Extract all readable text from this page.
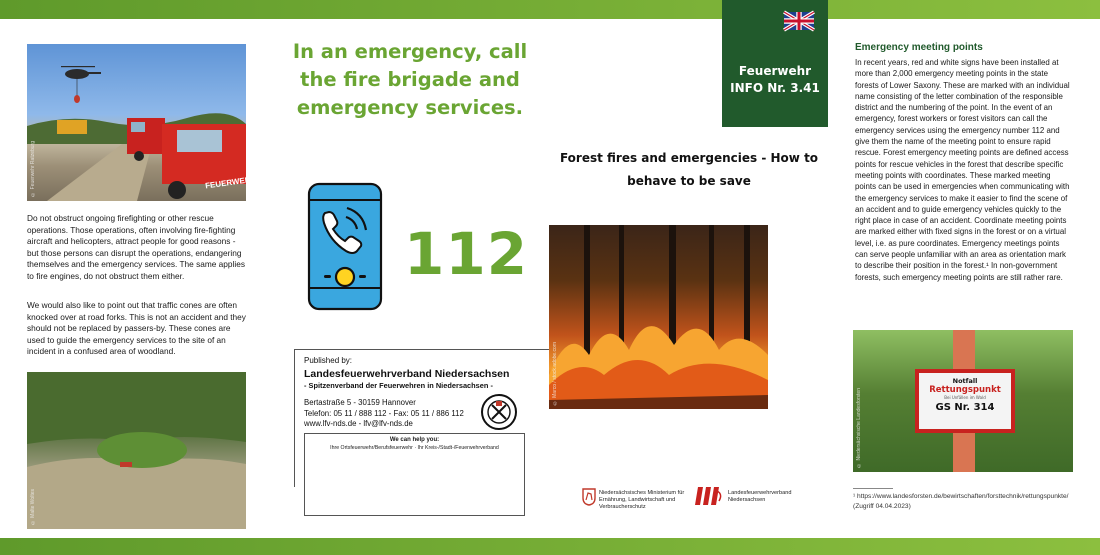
FEUERWEHR
© Feuerwehr Ratzeburg
Do not obstruct ongoing firefighting or other rescue operations. Those operations, often involving fire-fighting aircraft and helicopters, attract people for good reasons - but those persons can disrupt the operations, endangering themselves and the emergency services. The same applies to fire engines, do not obstruct them either.
We would also like to point out that traffic cones are often knocked over at road forks. This is not an accident and they should not be replaced by passers-by. These cones are used to guide the emergency services to the site of an incident in a confused area of woodland.
© Malte Woltes
In an emergency, call the fire brigade and emergency services.
112
Published by:
Landesfeuerwehrverband Niedersachsen
- Spitzenverband der Feuerwehren in Niedersachsen -
Bertastraße 5 - 30159 Hannover
Telefon: 05 11 / 888 112 - Fax: 05 11 / 886 112
www.lfv-nds.de - lfv@lfv-nds.de
We can help you:
Ihre Ortsfeuerwehr/Berufsfeuerwehr · Ihr Kreis-/Stadt-/Feuerwehrverband
Feuerwehr
INFO Nr. 3.41
Forest fires and emergencies - How to behave to be save
© Marco / stock.adobe.com
Niedersächsisches Ministerium für Ernährung, Landwirtschaft und Verbraucherschutz
Landesfeuerwehrverband Niedersachsen
Emergency meeting points
In recent years, red and white signs have been installed at more than 2,000 emergency meeting points in the state forests of Lower Saxony. These are marked with an individual name consisting of the letter combination of the responsible district and the numbering of the point. In the event of an emergency, forest workers or forest visitors can call the emergency services using the emergency number 112 and give them the name of the meeting point to ensure rapid rescue. Forest emergency meeting points are defined access points for rescue vehicles in the forest that describe specific meeting points with coordinates. These marked meeting points can be used in emergencies when communicating with the emergency services to make it easier to find the scene of an accident and to guide emergency vehicles quickly to the right place in case of an accident. Coordinate meeting points are marked either with fixed signs in the forest or on a virtual level, i.e. as pure coordinates. Emergency meetings points can serve people unfamiliar with an area as orientation mark to describe their position in the forest.¹ In non-government forests, such emergency meeting points are still rather rare.
Notfall
Rettungspunkt
Bei Unfällen im Wald
GS Nr. 314
© Niedersächsische Landesforsten
¹ https://www.landesforsten.de/bewirtschaften/forsttechnik/rettungspunkte/ (Zugriff 04.04.2023)
